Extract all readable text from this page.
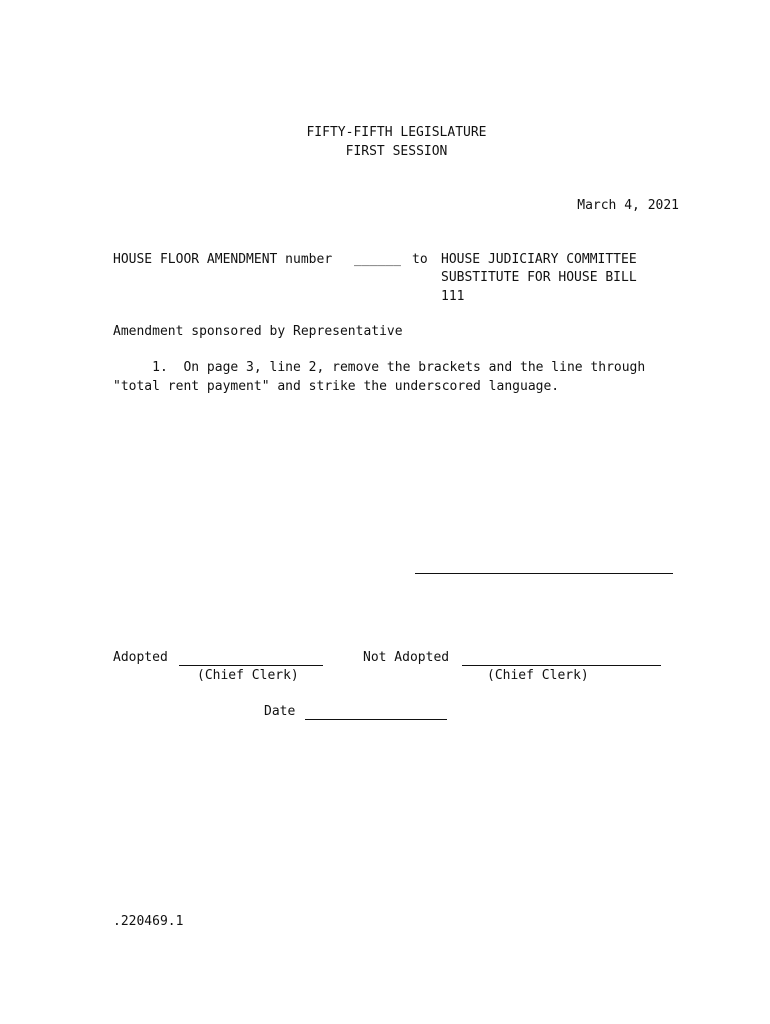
FIFTY-FIFTH LEGISLATURE
FIRST SESSION
March 4, 2021
HOUSE FLOOR AMENDMENT number ______ to HOUSE JUDICIARY COMMITTEE
SUBSTITUTE FOR HOUSE BILL
111
Amendment sponsored by Representative
1.  On page 3, line 2, remove the brackets and the line through
"total rent payment" and strike the underscored language.
Adopted
(Chief Clerk)
Not Adopted
(Chief Clerk)
Date
.220469.1
